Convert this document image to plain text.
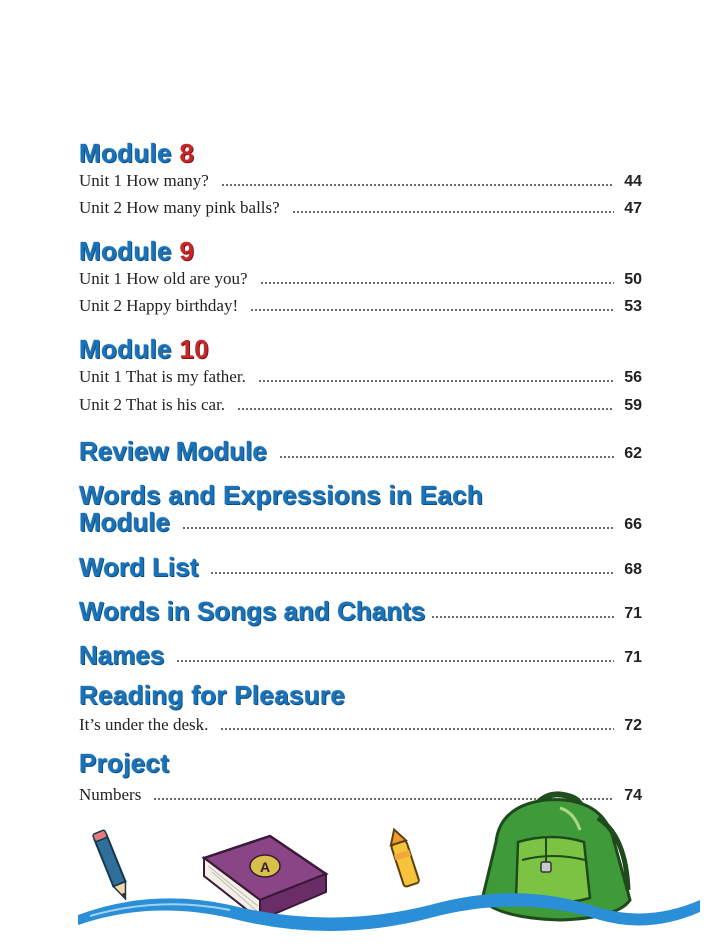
Module 8
Unit 1 How many?	44
Unit 2 How many pink balls?	47
Module 9
Unit 1 How old are you?	50
Unit 2 Happy birthday!	53
Module 10
Unit 1 That is my father.	56
Unit 2 That is his car.	59
Review Module	62
Words and Expressions in Each
Module	66
Word List	68
Words in Songs and Chants	71
Names	71
Reading for Pleasure
It’s under the desk.	72
Project
Numbers	74
A
